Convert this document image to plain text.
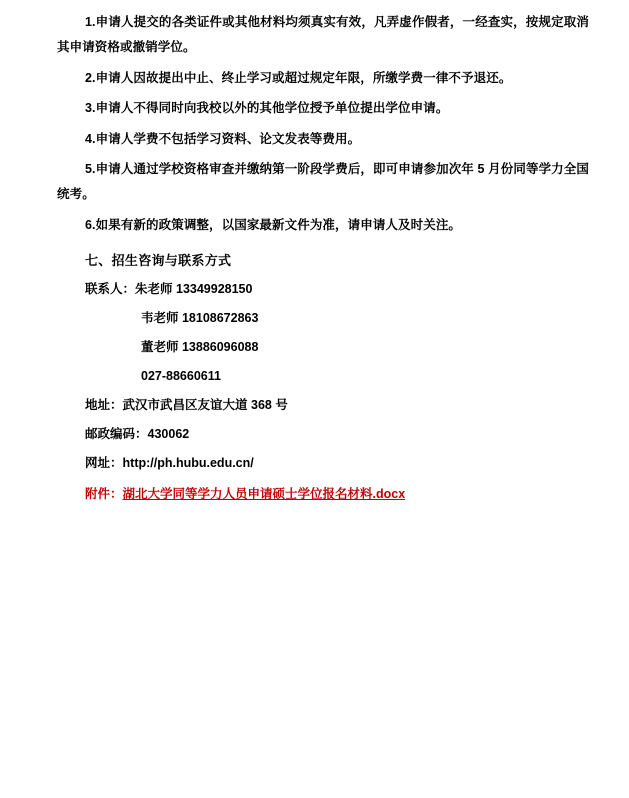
1.申请人提交的各类证件或其他材料均须真实有效，凡弄虚作假者，一经查实，按规定取消其申请资格或撤销学位。

2.申请人因故提出中止、终止学习或超过规定年限，所缴学费一律不予退还。

3.申请人不得同时向我校以外的其他学位授予单位提出学位申请。

4.申请人学费不包括学习资料、论文发表等费用。

5.申请人通过学校资格审查并缴纳第一阶段学费后，即可申请参加次年 5 月份同等学力全国统考。

6.如果有新的政策调整，以国家最新文件为准，请申请人及时关注。

七、招生咨询与联系方式

联系人：朱老师 13349928150

韦老师 18108672863

董老师 13886096088

027-88660611

地址：武汉市武昌区友谊大道 368 号

邮政编码：430062

网址：http://ph.hubu.edu.cn/

附件：湖北大学同等学力人员申请硕士学位报名材料.docx
